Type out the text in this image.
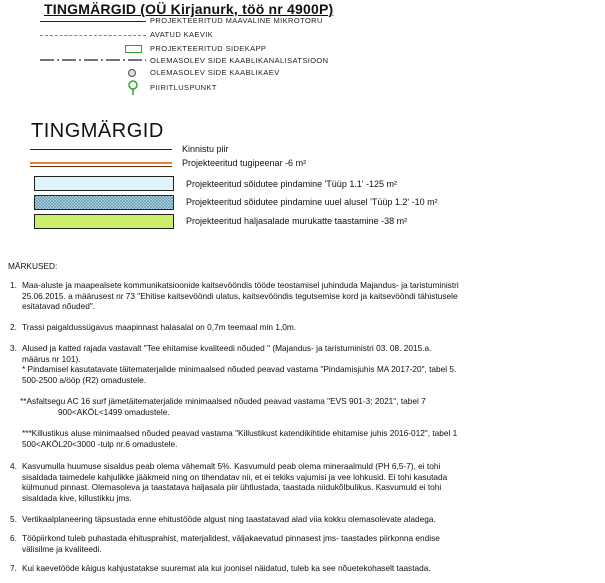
TINGMÄRGID (OÜ Kirjanurk, töö nr 4900P)
PROJEKTEERITUD MAAVALINE MIKROTORU
AVATUD KAEVIK
PROJEKTEERITUD SIDEKAPP
OLEMASOLEV SIDE KAABLIKANALISATSIOON
OLEMASOLEV SIDE KAABLIKAEV
PIIRITLUSPUNKT
TINGMÄRGID
Kinnistu piir
Projekteeritud tugipeenar -6 m²
Projekteeritud sõidutee pindamine 'Tüüp 1.1' -125 m²
Projekteeritud sõidutee pindamine uuel alusel 'Tüüp 1.2' -10 m²
Projekteeritud haljasalade murukatte taastamine -38 m²
MÄRKUSED:
1. Maa-aluste ja maapealsete kommunikatsioonide kaitsevööndis tööde teostamisel juhinduda Majandus- ja taristuministri
25.06.2015. a määrusest nr 73 "Ehitise kaitsevööndi ulatus, kaitsevööndis tegutsemise kord ja kaitsevööndi tähistusele
esitatavad nõuded".
2. Trassi paigaldussügavus maapinnast halasalal on 0,7m teemaal min 1,0m.
3. Alused ja katted rajada vastavalt "Tee ehitamise kvaliteedi nõuded " (Majandus- ja taristuministri 03. 08. 2015.a.
määrus nr 101).
* Pindamisel kasutatavate täitematerjalide minimaalsed nõuded peavad vastama "Pindamisjuhis MA 2017-20", tabel 5.
500-2500 a/ööp (R2) omadustele.
**Asfaltsegu AC 16 surf jämetäitematerjalide minimaalsed nõuded peavad vastama "EVS 901-3; 2021", tabel 7
900<AKÖL<1499 omadustele.
***Killustikus aluse minimaalsed nõuded peavad vastama "Killustikust katendikihtide ehitamise juhis 2016-012", tabel 1
500<AKÖL20<3000 -tulp nr.6 omadustele.
4. Kasvumulla huumuse sisaldus peab olema vähemalt 5%. Kasvumuld peab olema mineraalmuld (PH 6,5-7), ei tohi
sisaldada taimedele kahjulikke jääkmeid ning on tihendatav nii, et ei tekiks vajumisi ja vee lohkusid. Ei tohi kasutada
külmunud pinnast. Olemasoleva ja taastatava haljasala piir ühtlustada, taastada niidukõlbulikus. Kasvumuld ei tohi
sisaldada kive, killustikku jms.
5. Vertikaalplaneering täpsustada enne ehitustööde algust ning taastatavad alad viia kokku olemasolevate aladega.
6. Tööpiirkond tuleb puhastada ehitusprahist, materjalidest, väljakaevatud pinnasest jms- taastades piirkonna endise
välisilme ja kvaliteedi.
7. Kui kaevetööde käigus kahjustatakse suuremat ala kui joonisel näidatud, tuleb ka see nõuetekohaselt taastada.
